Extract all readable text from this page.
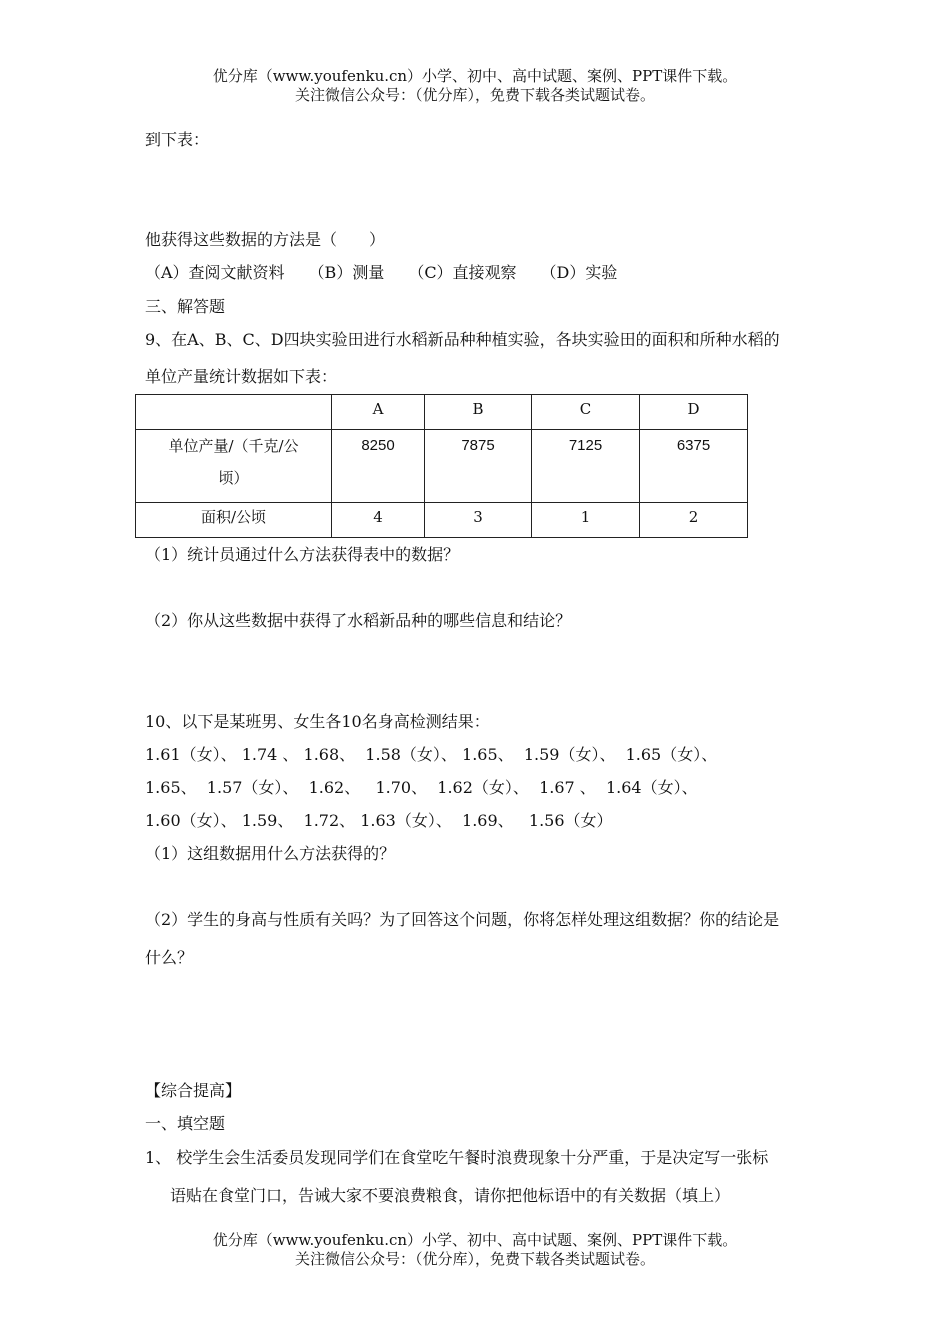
优分库（www.youfenku.cn）小学、初中、高中试题、案例、PPT课件下载。
关注微信公众号：（优分库），免费下载各类试题试卷。
到下表：
他获得这些数据的方法是（　　）
（A）查阅文献资料　　（B）测量　　（C）直接观察　　（D）实验
三、解答题
9、在A、B、C、D四块实验田进行水稻新品种种植实验，各块实验田的面积和所种水稻的
单位产量统计数据如下表：
	A	B	C	D

单位产量/（千克/公
顷）	8250	7875	7125	6375
面积/公顷	4	3	1	2
（1）统计员通过什么方法获得表中的数据？
（2）你从这些数据中获得了水稻新品种的哪些信息和结论？
10、以下是某班男、女生各10名身高检测结果：
1.61（女）、 1.74 、 1.68、  1.58（女）、 1.65、  1.59（女）、  1.65（女）、
1.65、  1.57（女）、  1.62、   1.70、  1.62（女）、  1.67 、  1.64（女）、
1.60（女）、 1.59、  1.72、 1.63（女）、  1.69、   1.56（女）
（1）这组数据用什么方法获得的？
（2）学生的身高与性质有关吗？为了回答这个问题，你将怎样处理这组数据？你的结论是
什么？
【综合提高】
一、填空题
1、 校学生会生活委员发现同学们在食堂吃午餐时浪费现象十分严重，于是决定写一张标
语贴在食堂门口，告诫大家不要浪费粮食，请你把他标语中的有关数据（填上）
优分库（www.youfenku.cn）小学、初中、高中试题、案例、PPT课件下载。
关注微信公众号：（优分库），免费下载各类试题试卷。
